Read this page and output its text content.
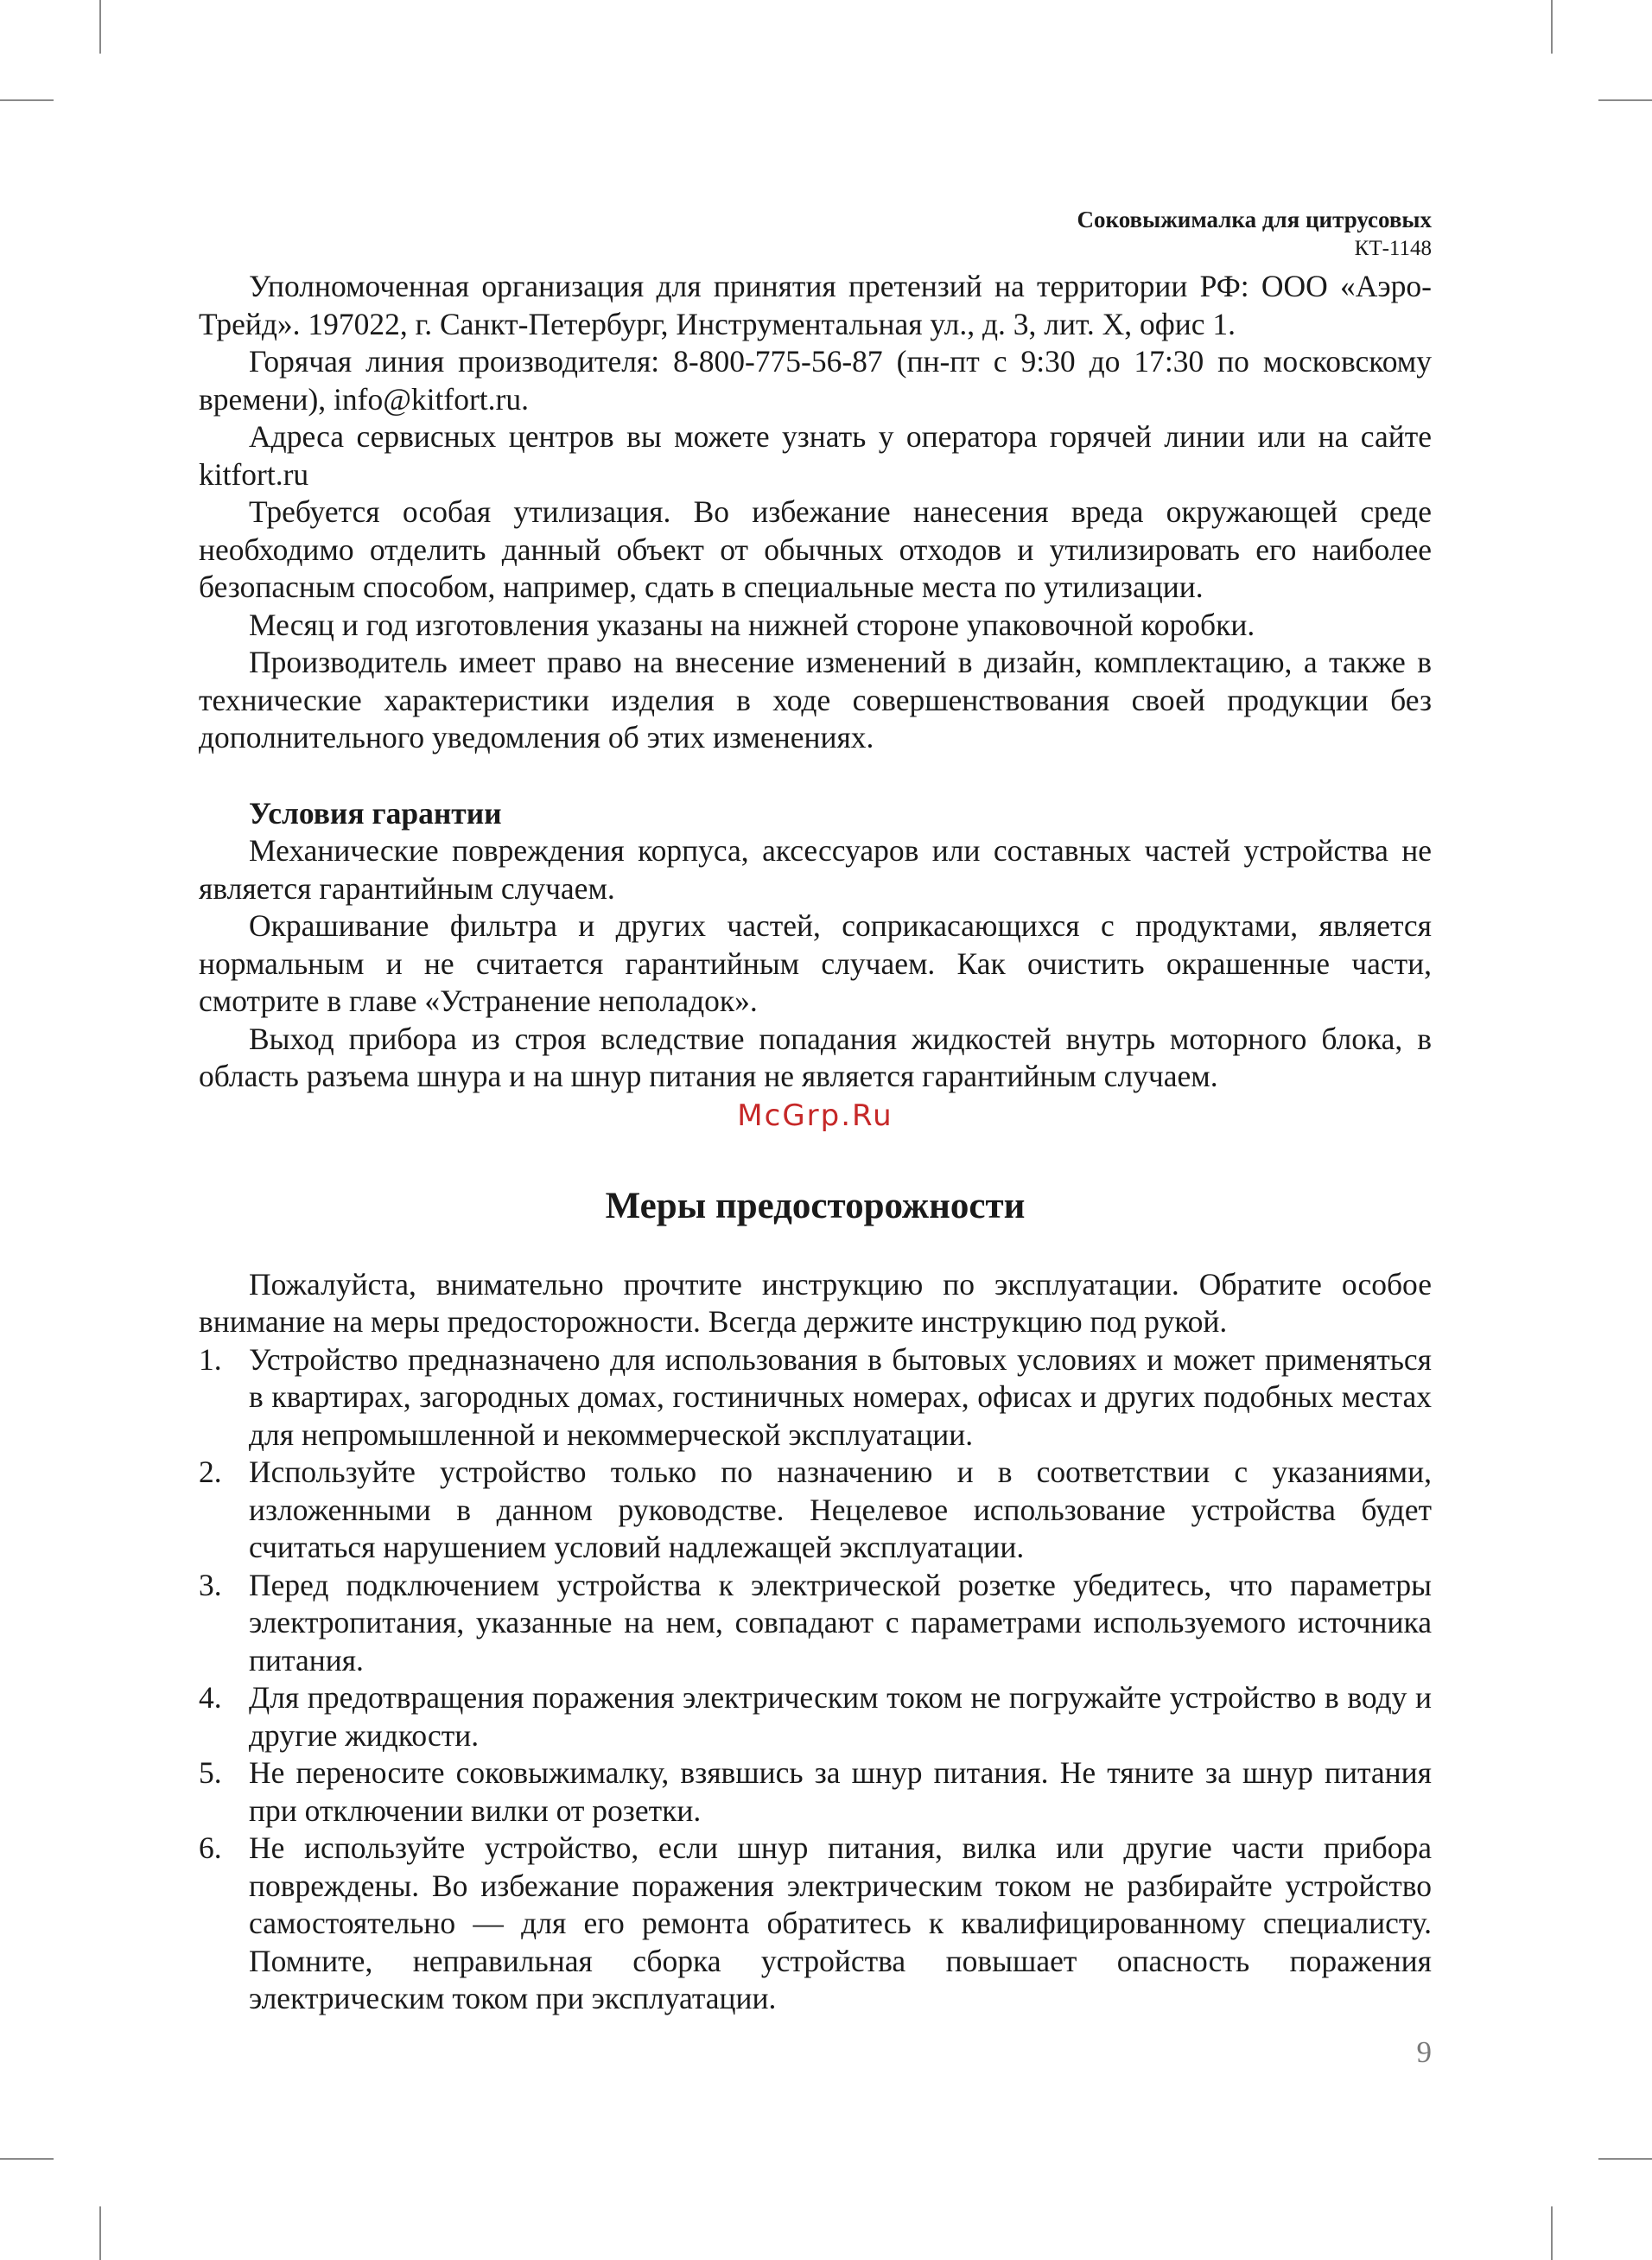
Соковыжималка для цитрусовых
КТ-1148

Уполномоченная организация для принятия претензий на территории РФ: ООО «Аэро-Трейд». 197022, г. Санкт-Петербург, Инструментальная ул., д. 3, лит. Х, офис 1.

Горячая линия производителя: 8-800-775-56-87 (пн-пт с 9:30 до 17:30 по московскому времени), info@kitfort.ru.

Адреса сервисных центров вы можете узнать у оператора горячей линии или на сайте kitfort.ru

Требуется особая утилизация. Во избежание нанесения вреда окружающей среде необходимо отделить данный объект от обычных отходов и утилизировать его наиболее безопасным способом, например, сдать в специальные места по утилизации.

Месяц и год изготовления указаны на нижней стороне упаковочной коробки.

Производитель имеет право на внесение изменений в дизайн, комплектацию, а также в технические характеристики изделия в ходе совершенствования своей продукции без дополнительного уведомления об этих изменениях.

Условия гарантии

Механические повреждения корпуса, аксессуаров или составных частей устройства не является гарантийным случаем.

Окрашивание фильтра и других частей, соприкасающихся с продуктами, является нормальным и не считается гарантийным случаем. Как очистить окрашенные части, смотрите в главе «Устранение неполадок».

Выход прибора из строя вследствие попадания жидкостей внутрь моторного блока, в область разъема шнура и на шнур питания не является гарантийным случаем.

McGrp.Ru
Меры предосторожности

Пожалуйста, внимательно прочтите инструкцию по эксплуатации. Обратите особое внимание на меры предосторожности. Всегда держите инструкцию под рукой.

1. Устройство предназначено для использования в бытовых условиях и может применяться в квартирах, загородных домах, гостиничных номерах, офисах и других подобных местах для непромышленной и некоммерческой эксплуатации.
2. Используйте устройство только по назначению и в соответствии с указаниями, изложенными в данном руководстве. Нецелевое использование устройства будет считаться нарушением условий надлежащей эксплуатации.
3. Перед подключением устройства к электрической розетке убедитесь, что параметры электропитания, указанные на нем, совпадают с параметрами используемого источника питания.
4. Для предотвращения поражения электрическим током не погружайте устройство в воду и другие жидкости.
5. Не переносите соковыжималку, взявшись за шнур питания. Не тяните за шнур питания при отключении вилки от розетки.
6. Не используйте устройство, если шнур питания, вилка или другие части прибора повреждены. Во избежание поражения электрическим током не разбирайте устройство самостоятельно — для его ремонта обратитесь к квалифицированному специалисту. Помните, неправильная сборка устройства повышает опасность поражения электрическим током при эксплуатации.
9
